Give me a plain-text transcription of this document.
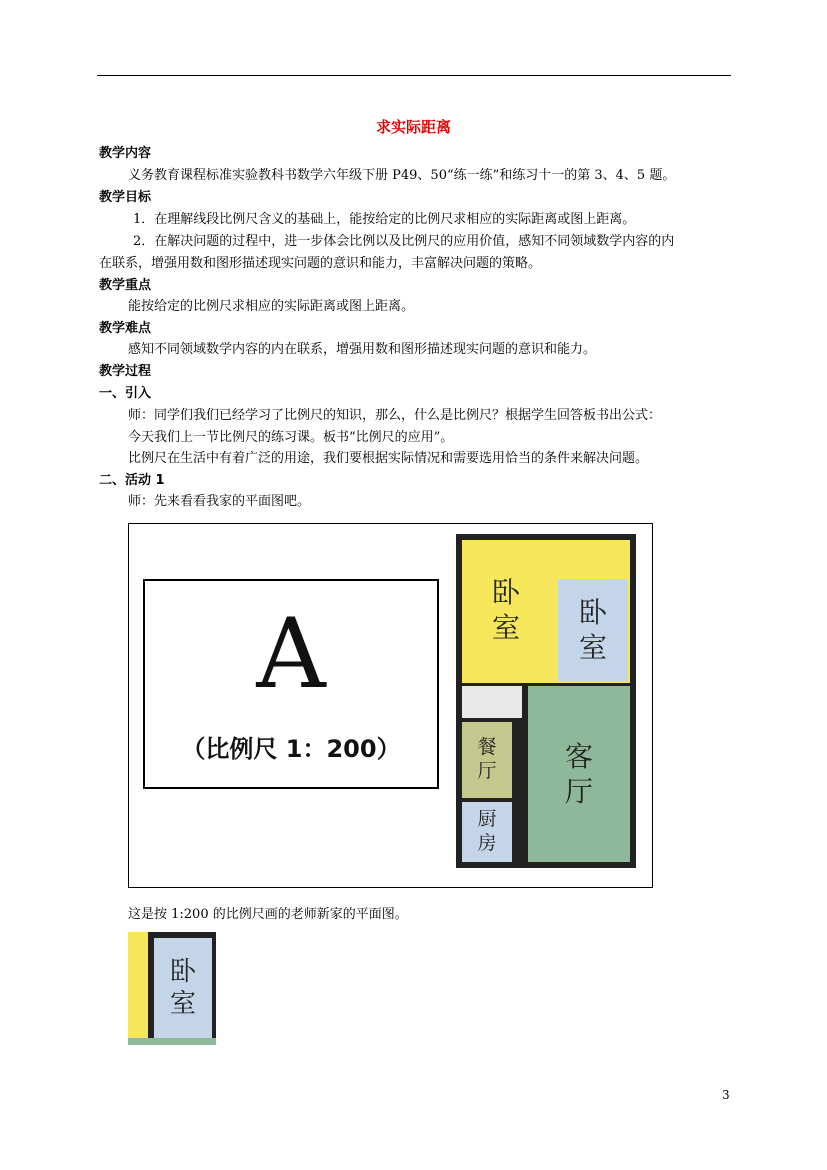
求实际距离
教学内容
义务教育课程标准实验教科书数学六年级下册 P49、50“练一练”和练习十一的第 3、4、5 题。
教学目标
1．在理解线段比例尺含义的基础上，能按给定的比例尺求相应的实际距离或图上距离。
2．在解决问题的过程中，进一步体会比例以及比例尺的应用价值，感知不同领域数学内容的内
在联系，增强用数和图形描述现实问题的意识和能力，丰富解决问题的策略。
教学重点
能按给定的比例尺求相应的实际距离或图上距离。
教学难点
感知不同领域数学内容的内在联系，增强用数和图形描述现实问题的意识和能力。
教学过程
一、引入
师：同学们我们已经学习了比例尺的知识，那么，什么是比例尺？根据学生回答板书出公式：
今天我们上一节比例尺的练习课。板书“比例尺的应用”。
比例尺在生活中有着广泛的用途，我们要根据实际情况和需要选用恰当的条件来解决问题。
二、活动 1
师：先来看看我家的平面图吧。
A
（比例尺 1：200）
卧
室 卧
室
餐
厅
厨
房
客
厅
这是按 1:200 的比例尺画的老师新家的平面图。
卧
室
3
